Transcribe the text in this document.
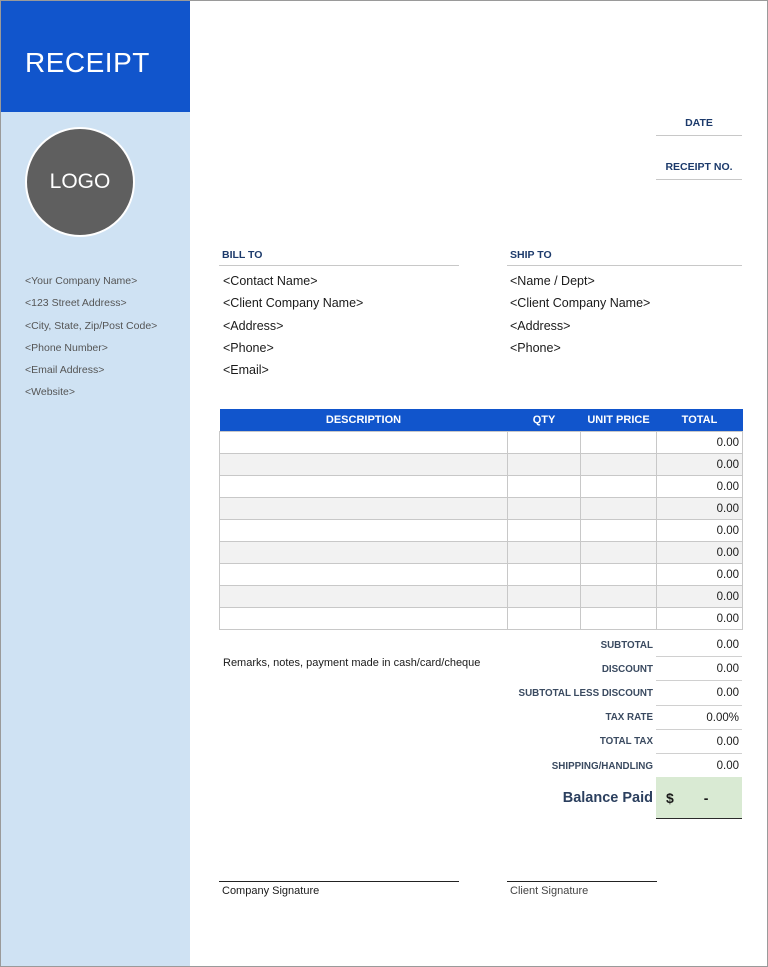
RECEIPT
LOGO
<Your Company Name>
<123 Street Address>
<City, State, Zip/Post Code>
<Phone Number>
<Email Address>
<Website>
DATE
RECEIPT NO.
BILL TO
<Contact Name>
<Client Company Name>
<Address>
<Phone>
<Email>
SHIP TO
<Name / Dept>
<Client Company Name>
<Address>
<Phone>
DESCRIPTION	QTY	UNIT PRICE	TOTAL
			0.00
			0.00
			0.00
			0.00
			0.00
			0.00
			0.00
			0.00
			0.00
Remarks, notes, payment made in cash/card/cheque
SUBTOTAL	0.00
DISCOUNT	0.00
SUBTOTAL LESS DISCOUNT	0.00
TAX RATE	0.00%
TOTAL TAX	0.00
SHIPPING/HANDLING	0.00
Balance Paid $ -
Company Signature	Client Signature
